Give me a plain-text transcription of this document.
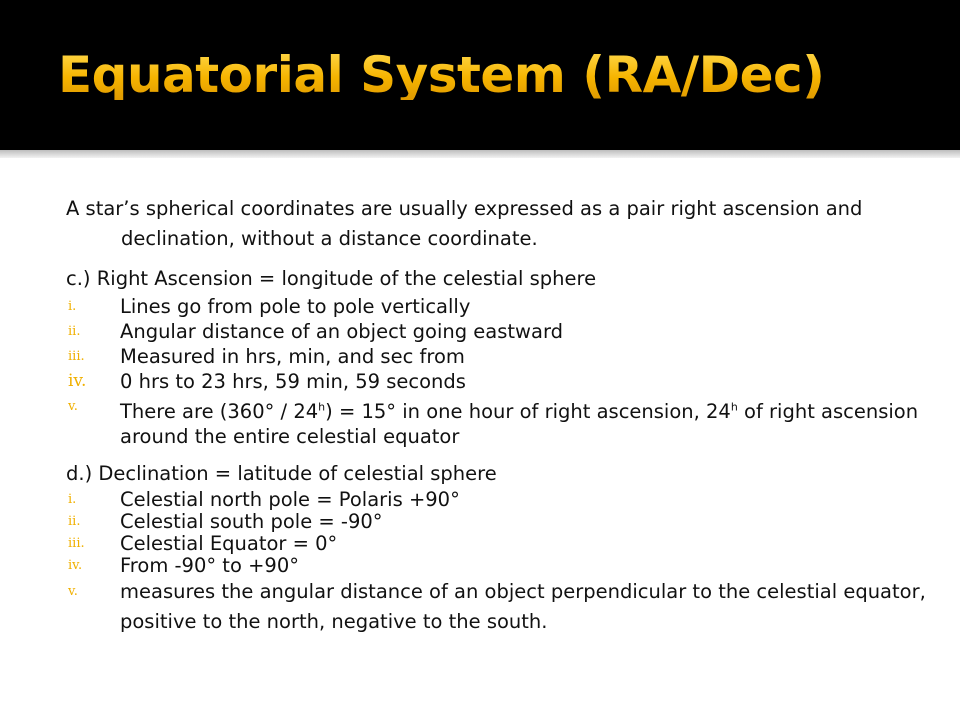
Equatorial System (RA/Dec)

A star’s spherical coordinates are usually expressed as a pair right ascension and declination, without a distance coordinate.

c.) Right Ascension = longitude of the celestial sphere

i. Lines go from pole to pole vertically
ii. Angular distance of an object going eastward
iii. Measured in hrs, min, and sec from
iv. 0 hrs to 23 hrs, 59 min, 59 seconds
v. There are $(360^\circ / 24^h) = 15^\circ$ in one hour of right ascension, 24$^h$ of right ascension around the entire celestial equator

d.) Declination = latitude of celestial sphere

i. Celestial north pole = Polaris +90°
ii. Celestial south pole = -90°
iii. Celestial Equator = 0°
iv. From -90° to +90°
v. measures the angular distance of an object perpendicular to the celestial equator, positive to the north, negative to the south.
